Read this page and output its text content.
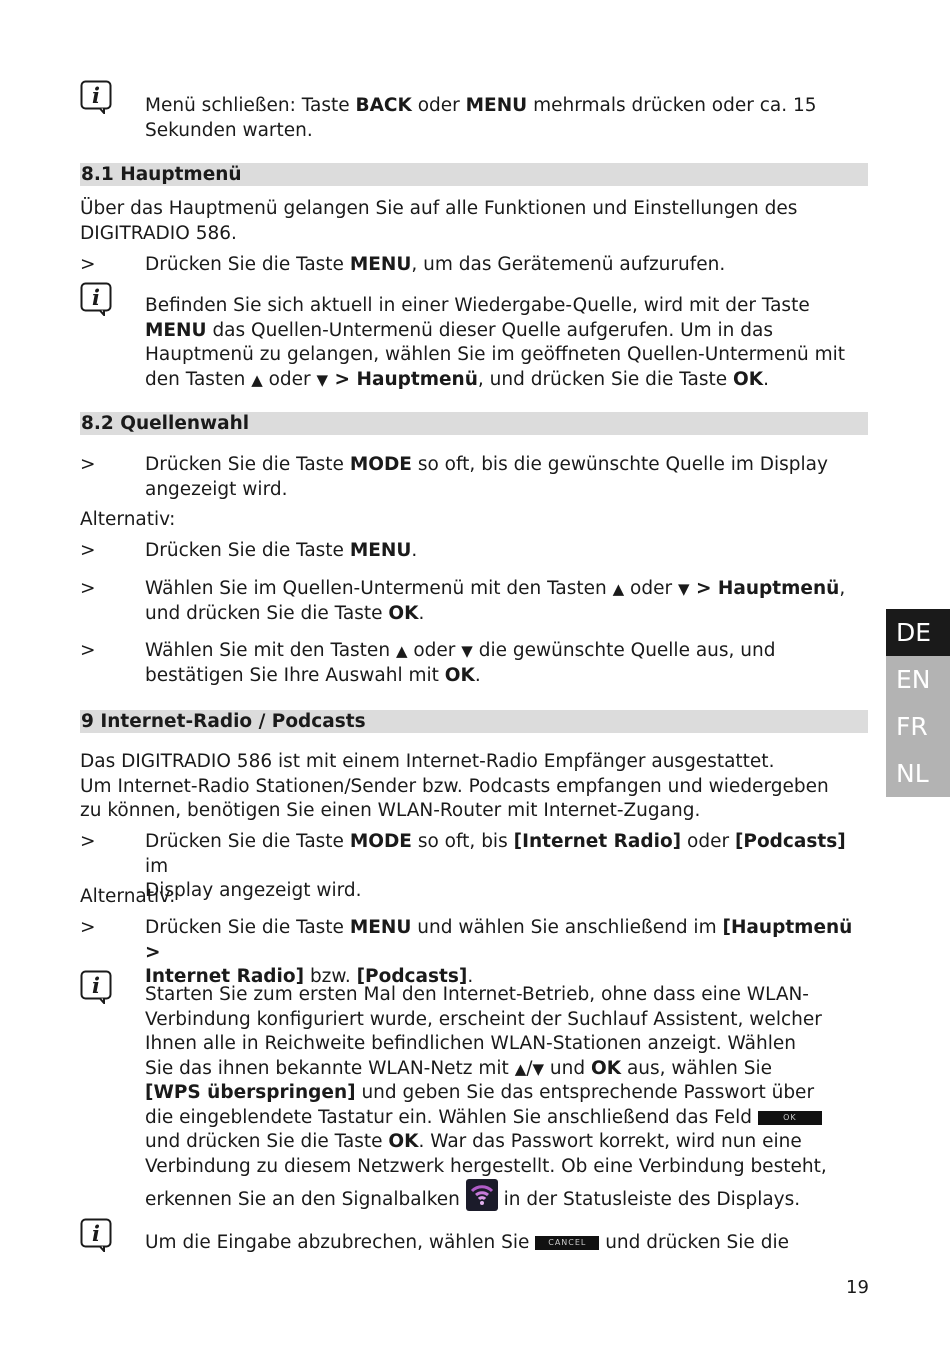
i Menü schließen: Taste BACK oder MENU mehrmals drücken oder ca. 15
Sekunden warten.
8.1 Hauptmenü
Über das Hauptmenü gelangen Sie auf alle Funktionen und Einstellungen des
DIGITRADIO 586.
>	Drücken Sie die Taste MENU, um das Gerätemenü aufzurufen.
i Befinden Sie sich aktuell in einer Wiedergabe-Quelle, wird mit der Taste
MENU das Quellen-Untermenü dieser Quelle aufgerufen. Um in das
Hauptmenü zu gelangen, wählen Sie im geöffneten Quellen-Untermenü mit
den Tasten ▲ oder ▼ > Hauptmenü, und drücken Sie die Taste OK.
8.2 Quellenwahl
>	Drücken Sie die Taste MODE so oft, bis die gewünschte Quelle im Display
angezeigt wird.
Alternativ:
>	Drücken Sie die Taste MENU.
>	Wählen Sie im Quellen-Untermenü mit den Tasten ▲ oder ▼ > Hauptmenü,
und drücken Sie die Taste OK.
>	Wählen Sie mit den Tasten ▲ oder ▼ die gewünschte Quelle aus, und
bestätigen Sie Ihre Auswahl mit OK.
9 Internet-Radio / Podcasts
Das DIGITRADIO 586 ist mit einem Internet-Radio Empfänger ausgestattet.
Um Internet-Radio Stationen/Sender bzw. Podcasts empfangen und wiedergeben
zu können, benötigen Sie einen WLAN-Router mit Internet-Zugang.
>	Drücken Sie die Taste MODE so oft, bis [Internet Radio] oder [Podcasts] im
Display angezeigt wird.
Alternativ:
>	Drücken Sie die Taste MENU und wählen Sie anschließend im [Hauptmenü >
Internet Radio] bzw. [Podcasts].
i Starten Sie zum ersten Mal den Internet-Betrieb, ohne dass eine WLAN-
Verbindung konfiguriert wurde, erscheint der Suchlauf Assistent, welcher
Ihnen alle in Reichweite befindlichen WLAN-Stationen anzeigt. Wählen
Sie das ihnen bekannte WLAN-Netz mit ▲/▼ und OK aus, wählen Sie
[WPS überspringen] und geben Sie das entsprechende Passwort über
die eingeblendete Tastatur ein. Wählen Sie anschließend das Feld	OK
und drücken Sie die Taste OK. War das Passwort korrekt, wird nun eine
Verbindung zu diesem Netzwerk hergestellt. Ob eine Verbindung besteht,
erkennen Sie an den Signalbalken  in der Statusleiste des Displays.
i Um die Eingabe abzubrechen, wählen Sie CANCEL und drücken Sie die
DE
EN
FR
NL
19
